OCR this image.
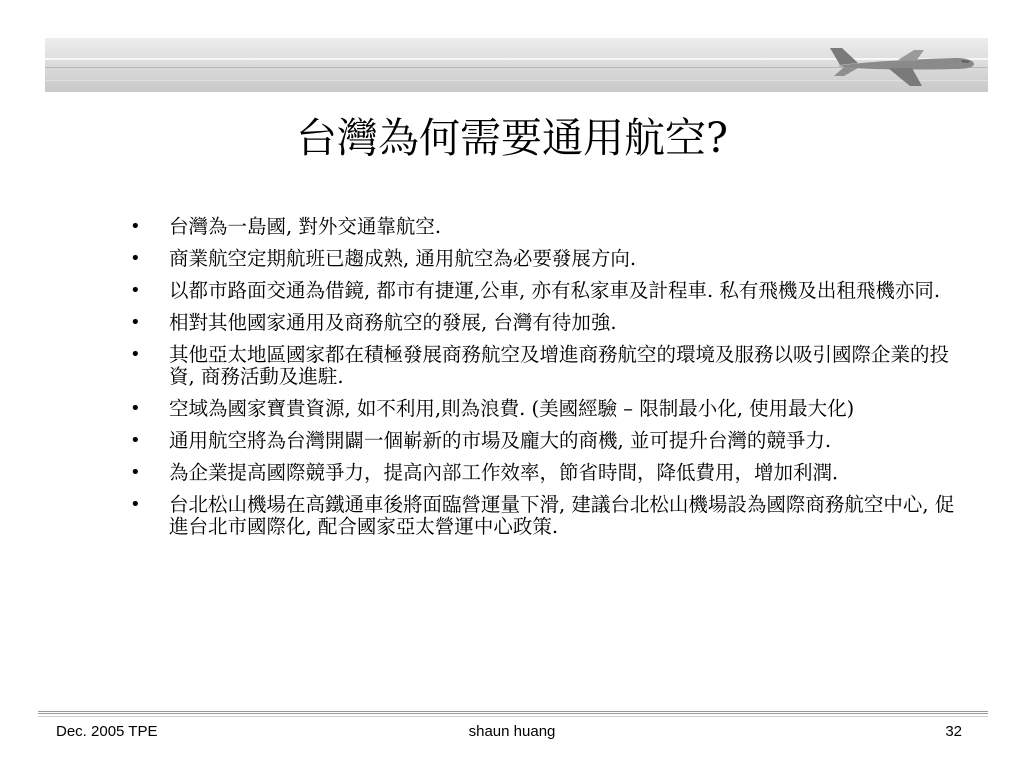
台灣為何需要通用航空?
• 台灣為一島國, 對外交通靠航空.
• 商業航空定期航班已趨成熟, 通用航空為必要發展方向.
• 以都市路面交通為借鏡, 都市有捷運,公車, 亦有私家車及計程車. 私有飛機及出租飛機亦同.
• 相對其他國家通用及商務航空的發展, 台灣有待加強.
• 其他亞太地區國家都在積極發展商務航空及增進商務航空的環境及服務以吸引國際企業的投資, 商務活動及進駐.
• 空域為國家寶貴資源, 如不利用,則為浪費. (美國經驗 – 限制最小化, 使用最大化)
• 通用航空將為台灣開闢一個嶄新的市場及龐大的商機, 並可提升台灣的競爭力.
• 為企業提高國際競爭力，提高內部工作效率，節省時間，降低費用，增加利潤．
• 台北松山機場在高鐵通車後將面臨營運量下滑, 建議台北松山機場設為國際商務航空中心, 促進台北市國際化, 配合國家亞太營運中心政策.
Dec. 2005 TPE	shaun huang	32
